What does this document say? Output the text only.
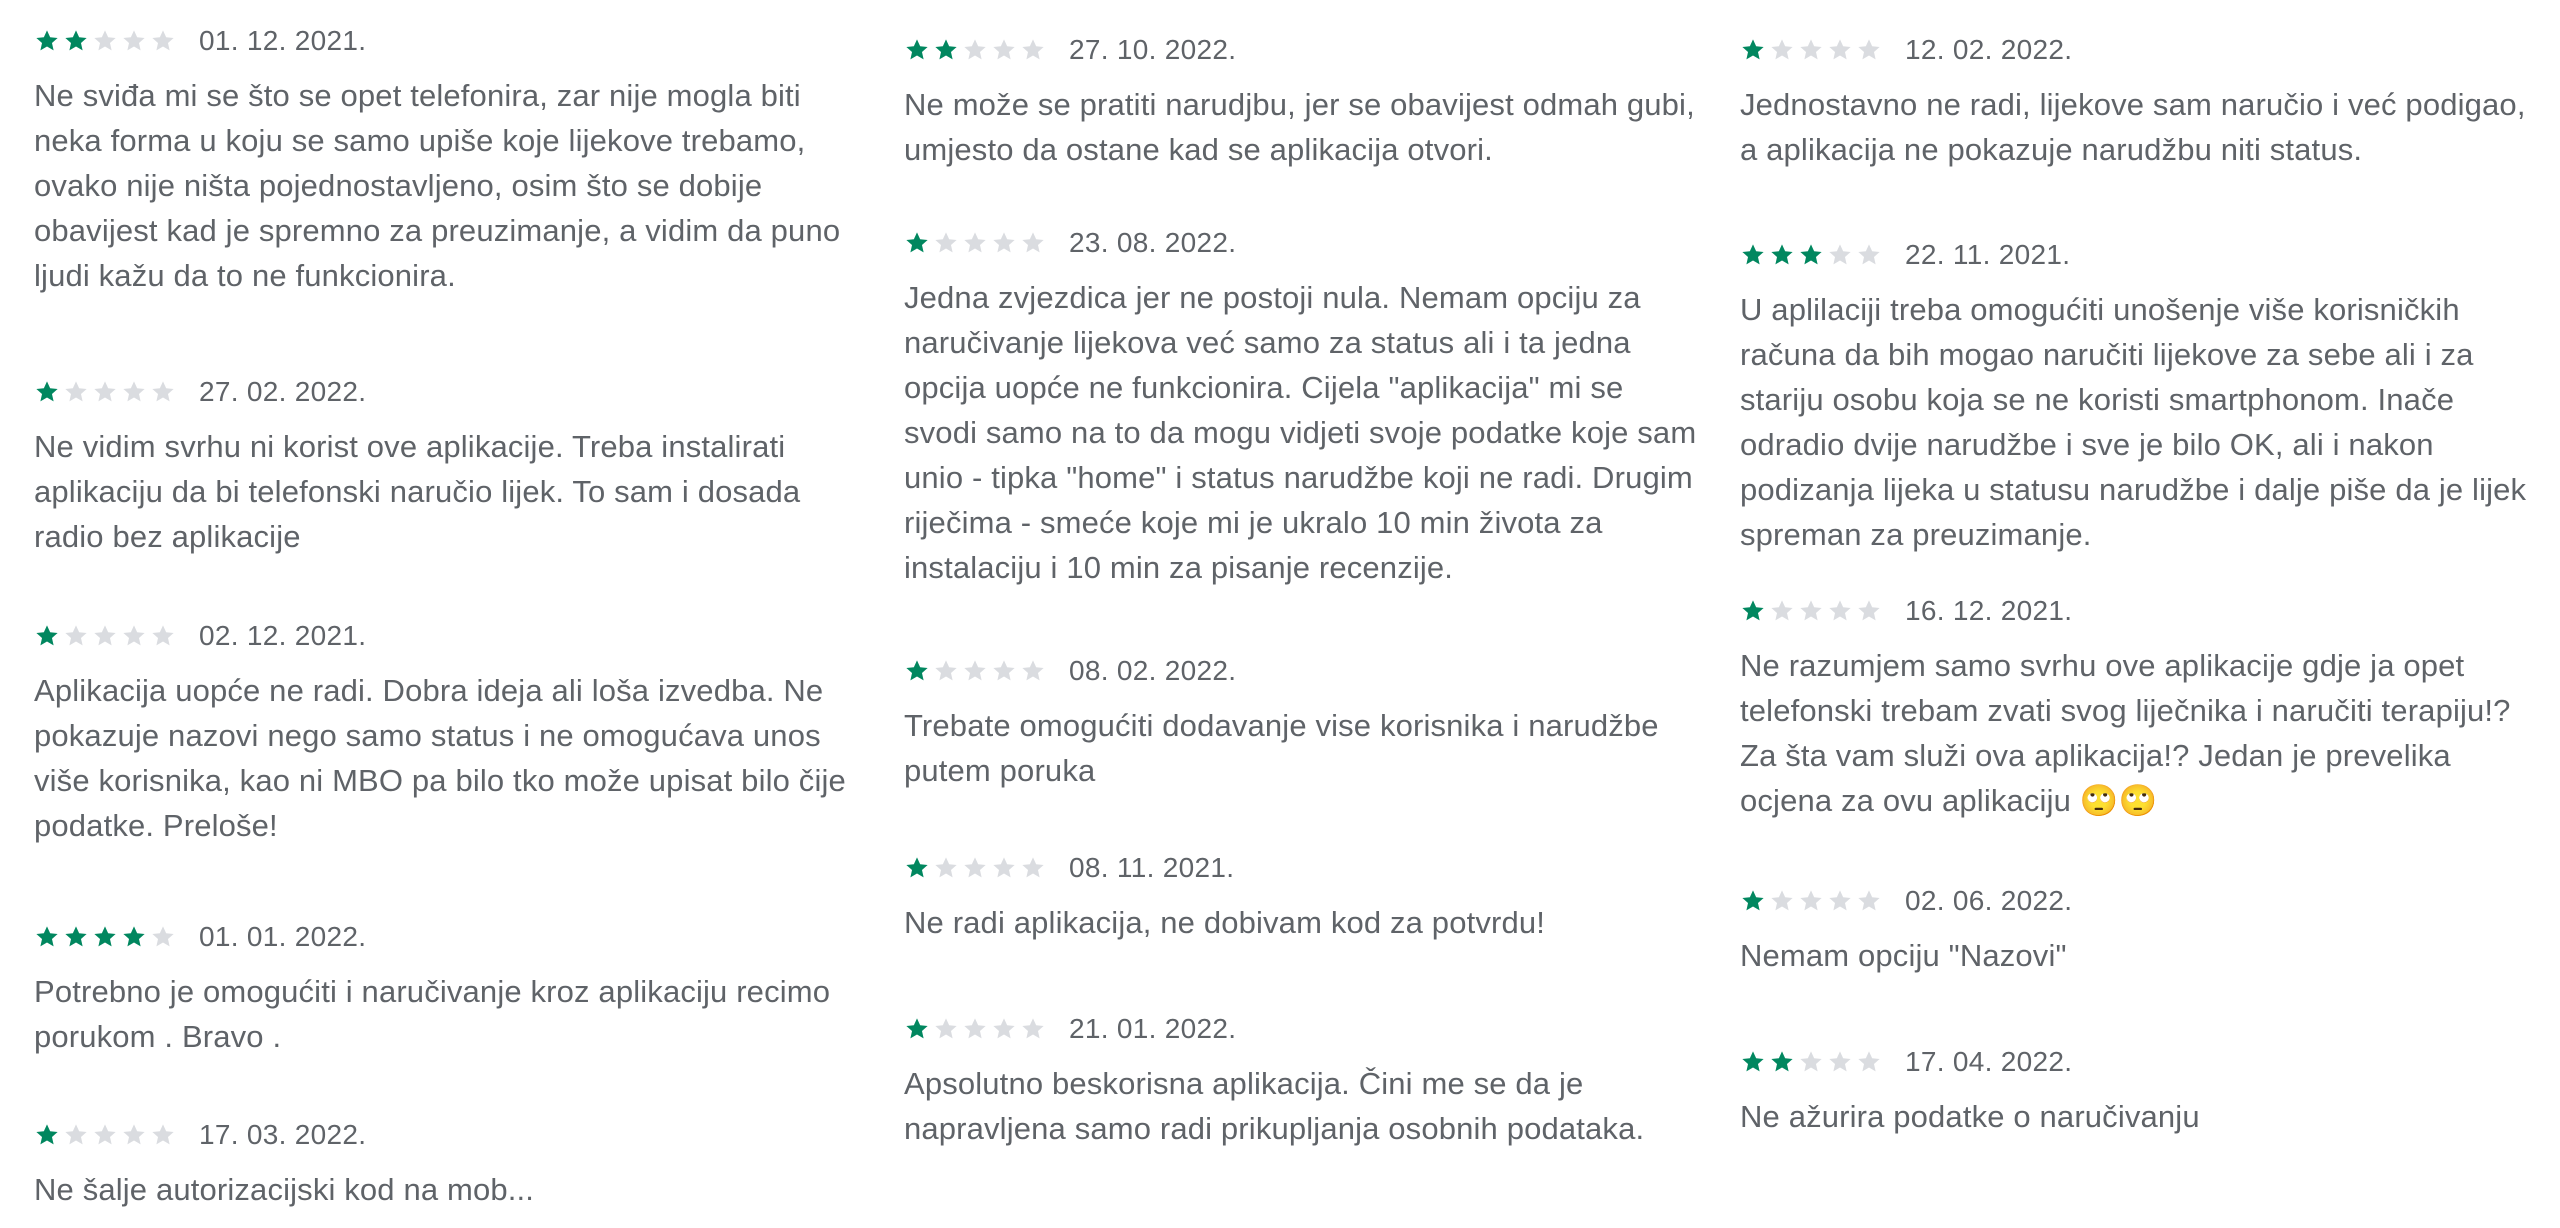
01. 12. 2021.
Ne sviđa mi se što se opet telefonira, zar nije mogla biti neka forma u koju se samo upiše koje lijekove trebamo, ovako nije ništa pojednostavljeno, osim što se dobije obavijest kad je spremno za preuzimanje, a vidim da puno ljudi kažu da to ne funkcionira.
27. 02. 2022.
Ne vidim svrhu ni korist ove aplikacije. Treba instalirati aplikaciju da bi telefonski naručio lijek. To sam i dosada radio bez aplikacije
02. 12. 2021.
Aplikacija uopće ne radi. Dobra ideja ali loša izvedba. Ne pokazuje nazovi nego samo status i ne omogućava unos više korisnika, kao ni MBO pa bilo tko može upisat bilo čije podatke. Preloše!
01. 01. 2022.
Potrebno je omogućiti i naručivanje kroz aplikaciju recimo porukom . Bravo .
17. 03. 2022.
Ne šalje autorizacijski kod na mob...
27. 10. 2022.
Ne može se pratiti narudjbu, jer se obavijest odmah gubi, umjesto da ostane kad se aplikacija otvori.
23. 08. 2022.
Jedna zvjezdica jer ne postoji nula. Nemam opciju za naručivanje lijekova već samo za status ali i ta jedna opcija uopće ne funkcionira. Cijela "aplikacija" mi se svodi samo na to da mogu vidjeti svoje podatke koje sam unio - tipka "home" i status narudžbe koji ne radi. Drugim riječima - smeće koje mi je ukralo 10 min života za instalaciju i 10 min za pisanje recenzije.
08. 02. 2022.
Trebate omogućiti dodavanje vise korisnika i narudžbe putem poruka
08. 11. 2021.
Ne radi aplikacija, ne dobivam kod za potvrdu!
21. 01. 2022.
Apsolutno beskorisna aplikacija. Čini me se da je napravljena samo radi prikupljanja osobnih podataka.
12. 02. 2022.
Jednostavno ne radi, lijekove sam naručio i već podigao, a aplikacija ne pokazuje narudžbu niti status.
22. 11. 2021.
U aplilaciji treba omogućiti unošenje više korisničkih računa da bih mogao naručiti lijekove za sebe ali i za stariju osobu koja se ne koristi smartphonom. Inače odradio dvije narudžbe i sve je bilo OK, ali i nakon podizanja lijeka u statusu narudžbe i dalje piše da je lijek spreman za preuzimanje.
16. 12. 2021.
Ne razumjem samo svrhu ove aplikacije gdje ja opet telefonski trebam zvati svog liječnika i naručiti terapiju!? Za šta vam služi ova aplikacija!? Jedan je prevelika ocjena za ovu aplikaciju 🙄🙄
02. 06. 2022.
Nemam opciju "Nazovi"
17. 04. 2022.
Ne ažurira podatke o naručivanju
